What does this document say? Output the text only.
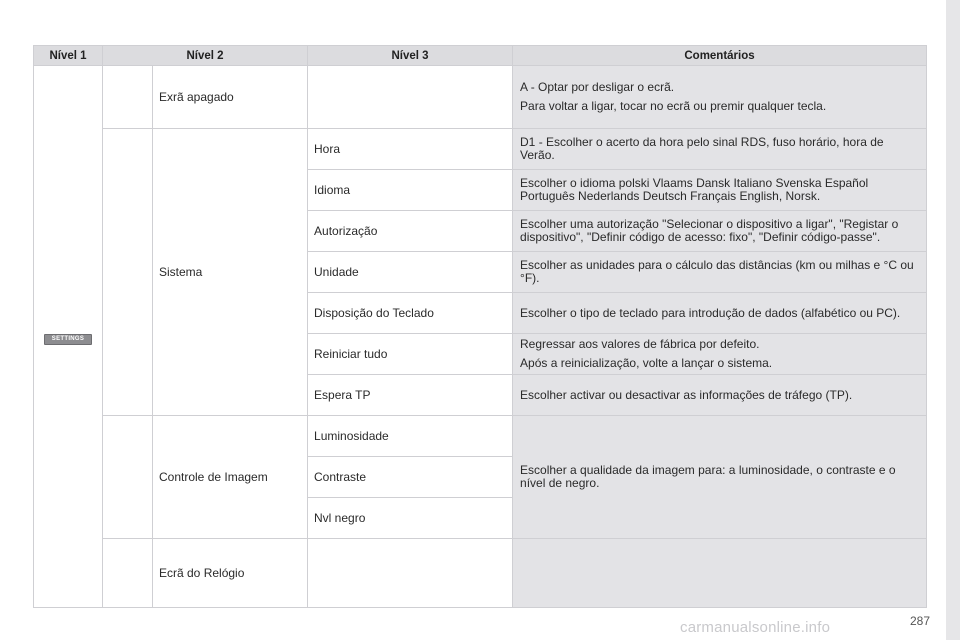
Nível 1	Nível 2		Nível 3	Comentários
SETTINGS		Exrã apagado		A - Optar por desligar o ecrã.

Para voltar a ligar, tocar no ecrã ou premir qualquer tecla.

		Sistema	Hora	D1 - Escolher o acerto da hora pelo sinal RDS, fuso horário, hora de Verão.

			Idioma	Escolher o idioma polski Vlaams Dansk Italiano Svenska Español Português Nederlands Deutsch Français English, Norsk.

			Autorização	Escolher uma autorização "Selecionar o dispositivo a ligar", "Registar o dispositivo", "Definir código de acesso: fixo", "Definir código-passe".

			Unidade	Escolher as unidades para o cálculo das distâncias (km ou milhas e °C ou °F).

			Disposição do Teclado	Escolher o tipo de teclado para introdução de dados (alfabético ou PC).

			Reiniciar tudo	Regressar aos valores de fábrica por defeito.

Após a reinicialização, volte a lançar o sistema.

			Espera TP	Escolher activar ou desactivar as informações de tráfego (TP).

		Controle de Imagem	Luminosidade	Escolher a qualidade da imagem para: a luminosidade, o contraste e o nível de negro.

			Contraste	
			Nvl negro	
		Ecrã do Relógio		
carmanualsonline.info	287
